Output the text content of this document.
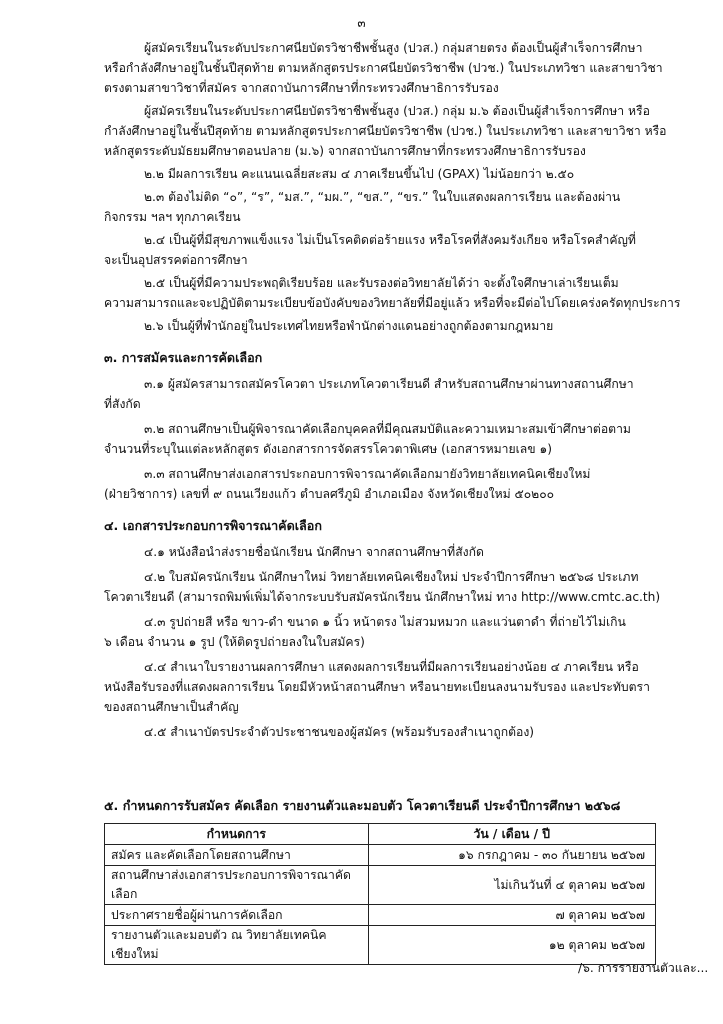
๓
ผู้สมัครเรียนในระดับประกาศนียบัตรวิชาชีพชั้นสูง (ปวส.) กลุ่มสายตรง ต้องเป็นผู้สำเร็จการศึกษา
หรือกำลังศึกษาอยู่ในชั้นปีสุดท้าย ตามหลักสูตรประกาศนียบัตรวิชาชีพ (ปวช.) ในประเภทวิชา และสาขาวิชา
ตรงตามสาขาวิชาที่สมัคร จากสถาบันการศึกษาที่กระทรวงศึกษาธิการรับรอง
ผู้สมัครเรียนในระดับประกาศนียบัตรวิชาชีพชั้นสูง (ปวส.) กลุ่ม ม.๖ ต้องเป็นผู้สำเร็จการศึกษา หรือ
กำลังศึกษาอยู่ในชั้นปีสุดท้าย ตามหลักสูตรประกาศนียบัตรวิชาชีพ (ปวช.) ในประเภทวิชา และสาขาวิชา หรือ
หลักสูตรระดับมัธยมศึกษาตอนปลาย (ม.๖) จากสถาบันการศึกษาที่กระทรวงศึกษาธิการรับรอง
๒.๒ มีผลการเรียน คะแนนเฉลี่ยสะสม ๔ ภาคเรียนขึ้นไป (GPAX) ไม่น้อยกว่า ๒.๕๐
๒.๓ ต้องไม่ติด “๐”, “ร”, “มส.”, “มผ.”, “ขส.”, “ขร.” ในใบแสดงผลการเรียน และต้องผ่าน
กิจกรรม ฯลฯ ทุกภาคเรียน
๒.๔ เป็นผู้ที่มีสุขภาพแข็งแรง ไม่เป็นโรคติดต่อร้ายแรง หรือโรคที่สังคมรังเกียจ หรือโรคสำคัญที่
จะเป็นอุปสรรคต่อการศึกษา
๒.๕ เป็นผู้ที่มีความประพฤติเรียบร้อย และรับรองต่อวิทยาลัยได้ว่า จะตั้งใจศึกษาเล่าเรียนเต็ม
ความสามารถและจะปฏิบัติตามระเบียบข้อบังคับของวิทยาลัยที่มีอยู่แล้ว หรือที่จะมีต่อไปโดยเคร่งครัดทุกประการ
๒.๖ เป็นผู้ที่พำนักอยู่ในประเทศไทยหรือพำนักต่างแดนอย่างถูกต้องตามกฎหมาย
๓. การสมัครและการคัดเลือก
๓.๑ ผู้สมัครสามารถสมัครโควตา ประเภทโควตาเรียนดี สำหรับสถานศึกษาผ่านทางสถานศึกษา
ที่สังกัด
๓.๒ สถานศึกษาเป็นผู้พิจารณาคัดเลือกบุคคลที่มีคุณสมบัติและความเหมาะสมเข้าศึกษาต่อตาม
จำนวนที่ระบุในแต่ละหลักสูตร ดังเอกสารการจัดสรรโควตาพิเศษ (เอกสารหมายเลข ๑)
๓.๓ สถานศึกษาส่งเอกสารประกอบการพิจารณาคัดเลือกมายังวิทยาลัยเทคนิคเชียงใหม่
(ฝ่ายวิชาการ) เลขที่ ๙ ถนนเวียงแก้ว ตำบลศรีภูมิ อำเภอเมือง จังหวัดเชียงใหม่ ๕๐๒๐๐
๔. เอกสารประกอบการพิจารณาคัดเลือก
๔.๑ หนังสือนำส่งรายชื่อนักเรียน นักศึกษา จากสถานศึกษาที่สังกัด
๔.๒ ใบสมัครนักเรียน นักศึกษาใหม่ วิทยาลัยเทคนิคเชียงใหม่ ประจำปีการศึกษา ๒๕๖๘ ประเภท
โควตาเรียนดี (สามารถพิมพ์เพิ่มได้จากระบบรับสมัครนักเรียน นักศึกษาใหม่ ทาง http://www.cmtc.ac.th)
๔.๓ รูปถ่ายสี หรือ ขาว-ดำ ขนาด ๑ นิ้ว หน้าตรง ไม่สวมหมวก และแว่นตาดำ ที่ถ่ายไว้ไม่เกิน
๖ เดือน จำนวน ๑ รูป (ให้ติดรูปถ่ายลงในใบสมัคร)
๔.๔ สำเนาใบรายงานผลการศึกษา แสดงผลการเรียนที่มีผลการเรียนอย่างน้อย ๔ ภาคเรียน หรือ
หนังสือรับรองที่แสดงผลการเรียน โดยมีหัวหน้าสถานศึกษา หรือนายทะเบียนลงนามรับรอง และประทับตรา
ของสถานศึกษาเป็นสำคัญ
๔.๕ สำเนาบัตรประจำตัวประชาชนของผู้สมัคร (พร้อมรับรองสำเนาถูกต้อง)
๕. กำหนดการรับสมัคร คัดเลือก รายงานตัวและมอบตัว โควตาเรียนดี ประจำปีการศึกษา ๒๕๖๘
กำหนดการ	วัน / เดือน / ปี
สมัคร และคัดเลือกโดยสถานศึกษา	๑๖ กรกฎาคม - ๓๐ กันยายน ๒๕๖๗
สถานศึกษาส่งเอกสารประกอบการพิจารณาคัดเลือก	ไม่เกินวันที่ ๔ ตุลาคม ๒๕๖๗
ประกาศรายชื่อผู้ผ่านการคัดเลือก	๗ ตุลาคม ๒๕๖๗
รายงานตัวและมอบตัว ณ วิทยาลัยเทคนิคเชียงใหม่	๑๒ ตุลาคม ๒๕๖๗
/๖. การรายงานตัวและ...
